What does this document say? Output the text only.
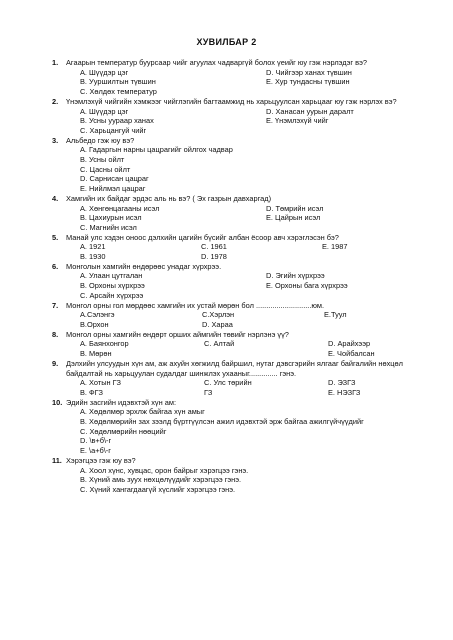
ХУВИЛБАР 2
1. Агаарын температур буурсаар чийг агуулах чадваргүй болох үеийг юу гэж нэрлэдэг вэ?
A. Шүүдэр цэг	D. Чийгээр ханах түвшин
B. Ууршилтын түвшин	E. Хур тундасны түвшин
C. Хөлдөх температур
2. Үнэмлэхүй чийгийн хэмжээг чийглэгийн багтаамжид нь харьцуулсан харьцааг юу гэж нэрлэх вэ?
A. Шүүдэр цэг	D. Ханасан уурын даралт
B. Усны уураар ханах	E. Үнэмлэхүй чийг
C. Харьцангуй чийг
3. Альбедо гэж юу вэ?
A. Гадаргын нарны цацрагийг ойлгох чадвар
B. Усны ойлт
C. Цасны ойлт
D. Сарнисан цацраг
E. Нийлмэл цацраг
4. Хамгийн их байдаг эрдэс аль нь вэ? ( Эх газрын давхаргад)
A. Хөнгөнцагааны исэл	D. Төмрийн исэл
B. Цахиурын исэл	E. Цайрын исэл
C. Магнийн исэл
5. Манай улс хэдэн оноос дэлхийн цагийн бүсийг албан ёсоор авч хэрэглэсэн бэ?
A. 1921	C. 1961	E. 1987
B. 1930	D. 1978
6. Монголын хамгийн өндөрөөс унадаг хүрхрээ.
A. Улаан цутгалан	D. Эгийн хүрхрээ
B. Орхоны хүрхрээ	E. Орхоны бага хүрхрээ
C. Арсайн хүрхрээ
7. Монгол орны гол мөрдөөс хамгийн их устай мөрөн бол ...........................юм.
A.Сэлэнгэ	C.Хэрлэн	E.Туул
B.Орхон	D. Хараа
8. Монгол орны хамгийн өндөрт орших аймгийн төвийг нэрлэнэ үү?
A. Баянхонгор	C. Алтай	D. Арайхээр
B. Мөрөн	E. Чойбалсан
9. Дэлхийн улсуудын хүн ам, аж ахуйн хөгжилд байршил, нутаг дэвсгэрийн ялгааг байгалийн нөхцөл байдалтай нь харьцуулан судалдаг шинжлэх ухааныг.............. гэнэ.
A. Хотын ГЗ	C. Улс төрийн	D. ЭЗГЗ
B. ФГЗ	ГЗ	E. НЭЗГЗ
10. Эдийн засгийн идэвхтэй хүн ам:
A. Хөдөлмөр эрхлж байгаа хүн амыг
B. Хөдөлмөрийн зах зээлд бүртгүүлсэн ажил идэвхтэй эрж байгаа ажилгүйчүүдийг
C. Хөдөлмөрийн нөөцийг
D. \в+б\-г
E. \а+б\-г
11. Хэрэгцээ гэж юу вэ?
A. Хоол хүнс, хувцас, орон байрыг хэрэгцээ гэнэ.
B. Хүний амь зуух нөхцөлүүдийг хэрэгцээ гэнэ.
C. Хүний хангагдаагүй хүслийг хэрэгцээ гэнэ.
